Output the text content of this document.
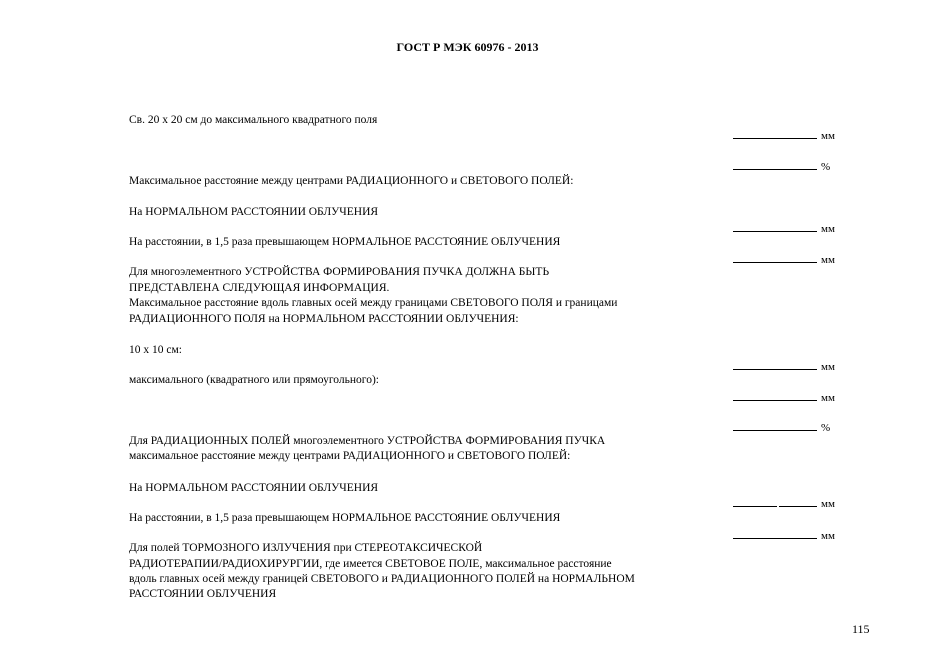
ГОСТ Р МЭК 60976 - 2013

Св. 20 х 20 см до максимального квадратного поля

Максимальное расстояние между центрами РАДИАЦИОННОГО и СВЕТОВОГО ПОЛЕЙ:

На НОРМАЛЬНОМ РАССТОЯНИИ ОБЛУЧЕНИЯ

На расстоянии, в 1,5 раза превышающем НОРМАЛЬНОЕ РАССТОЯНИЕ ОБЛУЧЕНИЯ

Для многоэлементного УСТРОЙСТВА ФОРМИРОВАНИЯ ПУЧКА ДОЛЖНА БЫТЬ

ПРЕДСТАВЛЕНА СЛЕДУЮЩАЯ ИНФОРМАЦИЯ.

Максимальное расстояние вдоль главных осей между границами СВЕТОВОГО ПОЛЯ и границами

РАДИАЦИОННОГО ПОЛЯ на НОРМАЛЬНОМ РАССТОЯНИИ ОБЛУЧЕНИЯ:

10 х 10 см:

максимального (квадратного или прямоугольного):

Для РАДИАЦИОННЫХ ПОЛЕЙ многоэлементного УСТРОЙСТВА ФОРМИРОВАНИЯ ПУЧКА

максимальное расстояние между центрами РАДИАЦИОННОГО и СВЕТОВОГО ПОЛЕЙ:

На НОРМАЛЬНОМ РАССТОЯНИИ ОБЛУЧЕНИЯ

На расстоянии, в 1,5 раза превышающем НОРМАЛЬНОЕ РАССТОЯНИЕ ОБЛУЧЕНИЯ

Для полей ТОРМОЗНОГО ИЗЛУЧЕНИЯ при СТЕРЕОТАКСИЧЕСКОЙ

РАДИОТЕРАПИИ/РАДИОХИРУРГИИ, где имеется СВЕТОВОЕ ПОЛЕ, максимальное расстояние

вдоль главных осей между границей СВЕТОВОГО и РАДИАЦИОННОГО ПОЛЕЙ на НОРМАЛЬНОМ

РАССТОЯНИИ ОБЛУЧЕНИЯ

мм
%
мм
мм
мм
мм
%
мм
мм
115
